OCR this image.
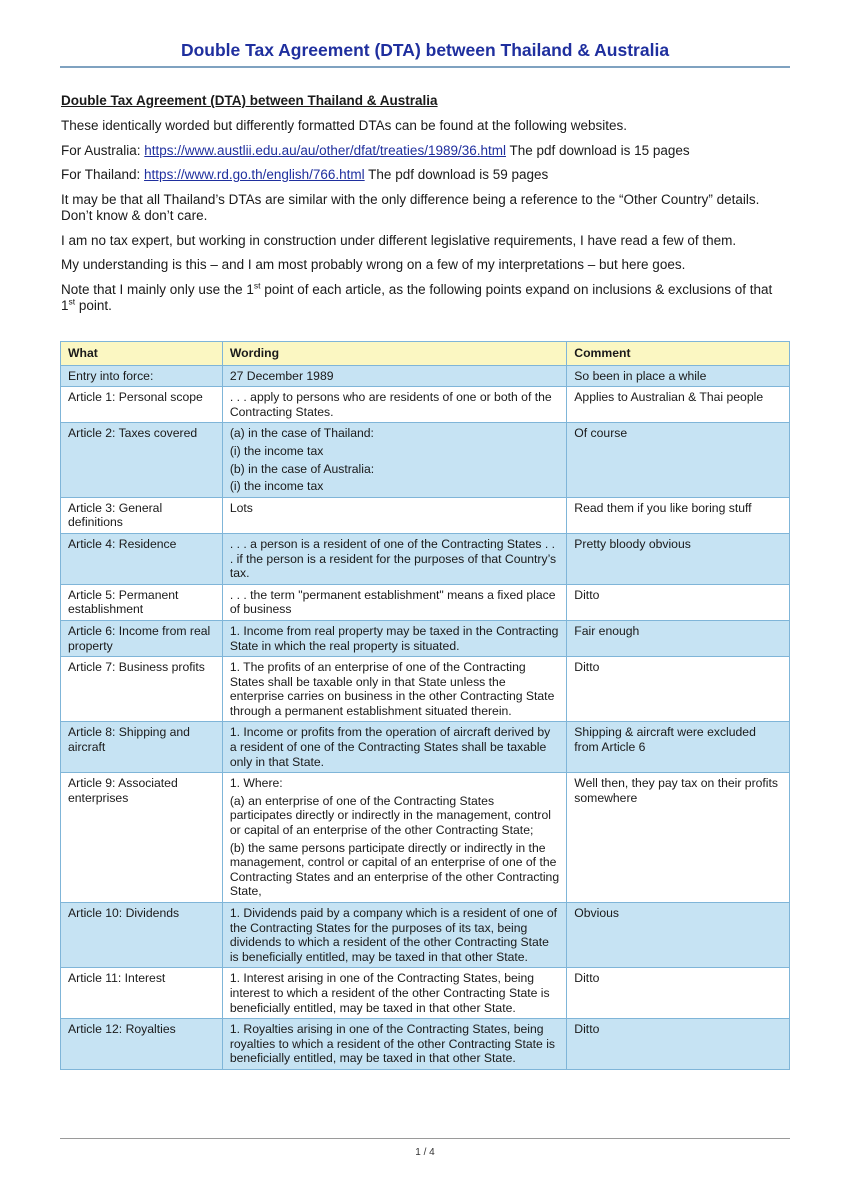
Double Tax Agreement (DTA) between Thailand & Australia
Double Tax Agreement (DTA) between Thailand & Australia

These identically worded but differently formatted DTAs can be found at the following websites.

For Australia: https://www.austlii.edu.au/au/other/dfat/treaties/1989/36.html The pdf download is 15 pages

For Thailand: https://www.rd.go.th/english/766.html The pdf download is 59 pages

It may be that all Thailand’s DTAs are similar with the only difference being a reference to the “Other Country” details. Don’t know & don’t care.

I am no tax expert, but working in construction under different legislative requirements, I have read a few of them.

My understanding is this – and I am most probably wrong on a few of my interpretations – but here goes.

Note that I mainly only use the 1st point of each article, as the following points expand on inclusions & exclusions of that 1st point.

What	Wording	Comment
Entry into force:	27 December 1989	So been in place a while
Article 1: Personal scope	. . . apply to persons who are residents of one or both of the Contracting States.	Applies to Australian & Thai people
Article 2: Taxes covered	(a) in the case of Thailand:
(i) the income tax
(b) in the case of Australia:
(i) the income tax	Of course
Article 3: General definitions	Lots	Read them if you like boring stuff
Article 4: Residence	. . . a person is a resident of one of the Contracting States . . . if the person is a resident for the purposes of that Country’s tax.	Pretty bloody obvious
Article 5: Permanent establishment	. . . the term "permanent establishment" means a fixed place of business	Ditto
Article 6: Income from real property	1. Income from real property may be taxed in the Contracting State in which the real property is situated.	Fair enough
Article 7: Business profits	1. The profits of an enterprise of one of the Contracting States shall be taxable only in that State unless the enterprise carries on business in the other Contracting State through a permanent establishment situated therein.	Ditto
Article 8: Shipping and aircraft	1. Income or profits from the operation of aircraft derived by a resident of one of the Contracting States shall be taxable only in that State.	Shipping & aircraft were excluded from Article 6
Article 9: Associated enterprises	1. Where:
(a) an enterprise of one of the Contracting States participates directly or indirectly in the management, control or capital of an enterprise of the other Contracting State;
(b) the same persons participate directly or indirectly in the management, control or capital of an enterprise of one of the Contracting States and an enterprise of the other Contracting State,	Well then, they pay tax on their profits somewhere
Article 10: Dividends	1. Dividends paid by a company which is a resident of one of the Contracting States for the purposes of its tax, being dividends to which a resident of the other Contracting State is beneficially entitled, may be taxed in that other State.	Obvious
Article 11: Interest	1. Interest arising in one of the Contracting States, being interest to which a resident of the other Contracting State is beneficially entitled, may be taxed in that other State.	Ditto
Article 12: Royalties	1. Royalties arising in one of the Contracting States, being royalties to which a resident of the other Contracting State is beneficially entitled, may be taxed in that other State.	Ditto
1 / 4
